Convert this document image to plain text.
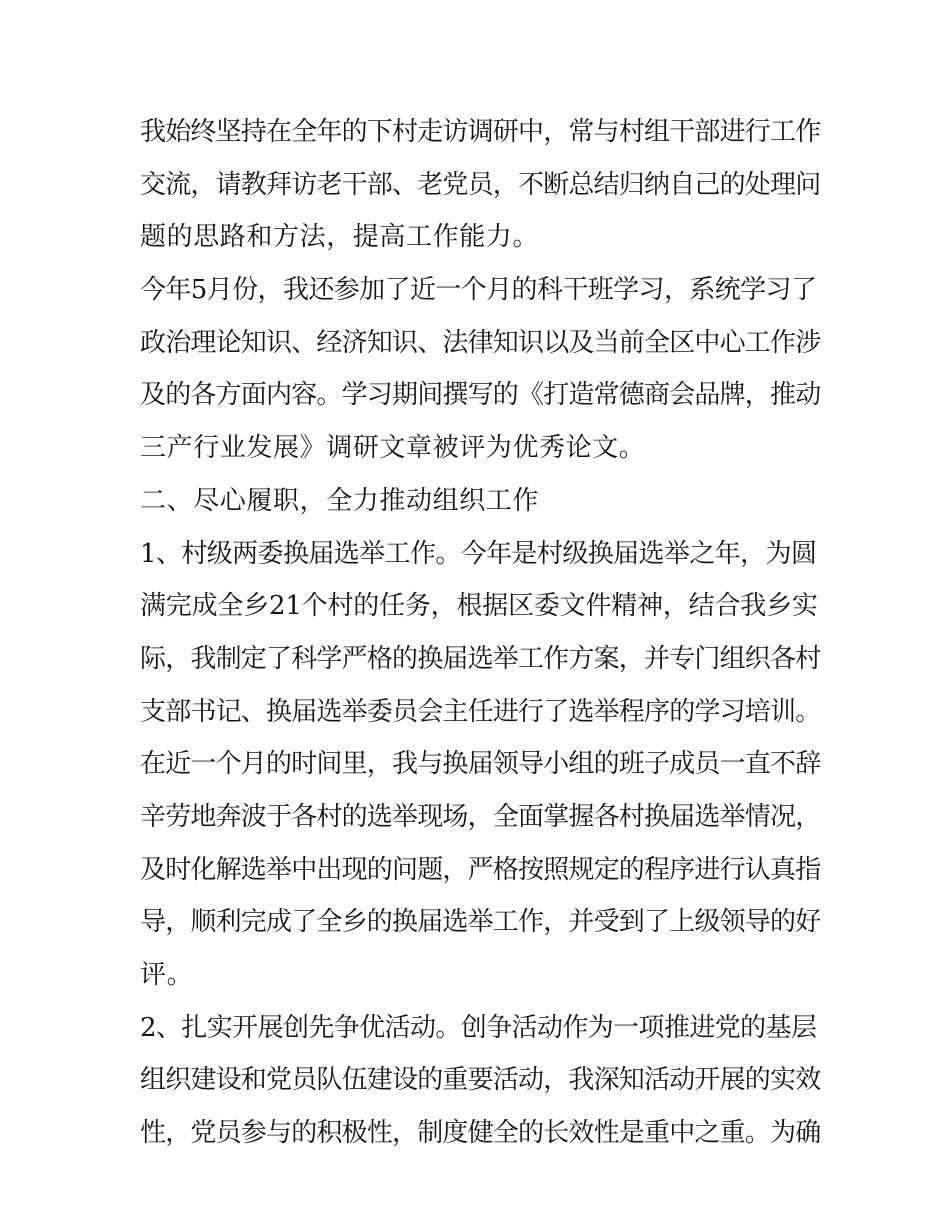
我始终坚持在全年的下村走访调研中，常与村组干部进行工作
交流，请教拜访老干部、老党员，不断总结归纳自己的处理问
题的思路和方法，提高工作能力。
今年5月份，我还参加了近一个月的科干班学习，系统学习了
政治理论知识、经济知识、法律知识以及当前全区中心工作涉
及的各方面内容。学习期间撰写的《打造常德商会品牌，推动
三产行业发展》调研文章被评为优秀论文。
二、尽心履职，全力推动组织工作
1、村级两委换届选举工作。今年是村级换届选举之年，为圆
满完成全乡21个村的任务，根据区委文件精神，结合我乡实
际，我制定了科学严格的换届选举工作方案，并专门组织各村
支部书记、换届选举委员会主任进行了选举程序的学习培训。
在近一个月的时间里，我与换届领导小组的班子成员一直不辞
辛劳地奔波于各村的选举现场，全面掌握各村换届选举情况，
及时化解选举中出现的问题，严格按照规定的程序进行认真指
导，顺利完成了全乡的换届选举工作，并受到了上级领导的好
评。
2、扎实开展创先争优活动。创争活动作为一项推进党的基层
组织建设和党员队伍建设的重要活动，我深知活动开展的实效
性，党员参与的积极性，制度健全的长效性是重中之重。为确
